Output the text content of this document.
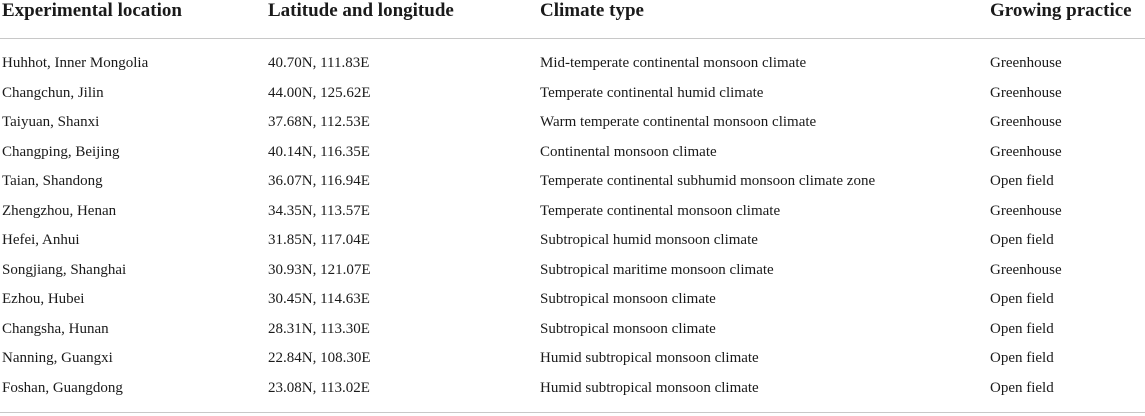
Experimental location	Latitude and longitude	Climate type	Growing practice

Huhhot, Inner Mongolia	40.70N, 111.83E	Mid-temperate continental monsoon climate	Greenhouse
Changchun, Jilin	44.00N, 125.62E	Temperate continental humid climate	Greenhouse
Taiyuan, Shanxi	37.68N, 112.53E	Warm temperate continental monsoon climate	Greenhouse
Changping, Beijing	40.14N, 116.35E	Continental monsoon climate	Greenhouse
Taian, Shandong	36.07N, 116.94E	Temperate continental subhumid monsoon climate zone	Open field
Zhengzhou, Henan	34.35N, 113.57E	Temperate continental monsoon climate	Greenhouse
Hefei, Anhui	31.85N, 117.04E	Subtropical humid monsoon climate	Open field
Songjiang, Shanghai	30.93N, 121.07E	Subtropical maritime monsoon climate	Greenhouse
Ezhou, Hubei	30.45N, 114.63E	Subtropical monsoon climate	Open field
Changsha, Hunan	28.31N, 113.30E	Subtropical monsoon climate	Open field
Nanning, Guangxi	22.84N, 108.30E	Humid subtropical monsoon climate	Open field
Foshan, Guangdong	23.08N, 113.02E	Humid subtropical monsoon climate	Open field
